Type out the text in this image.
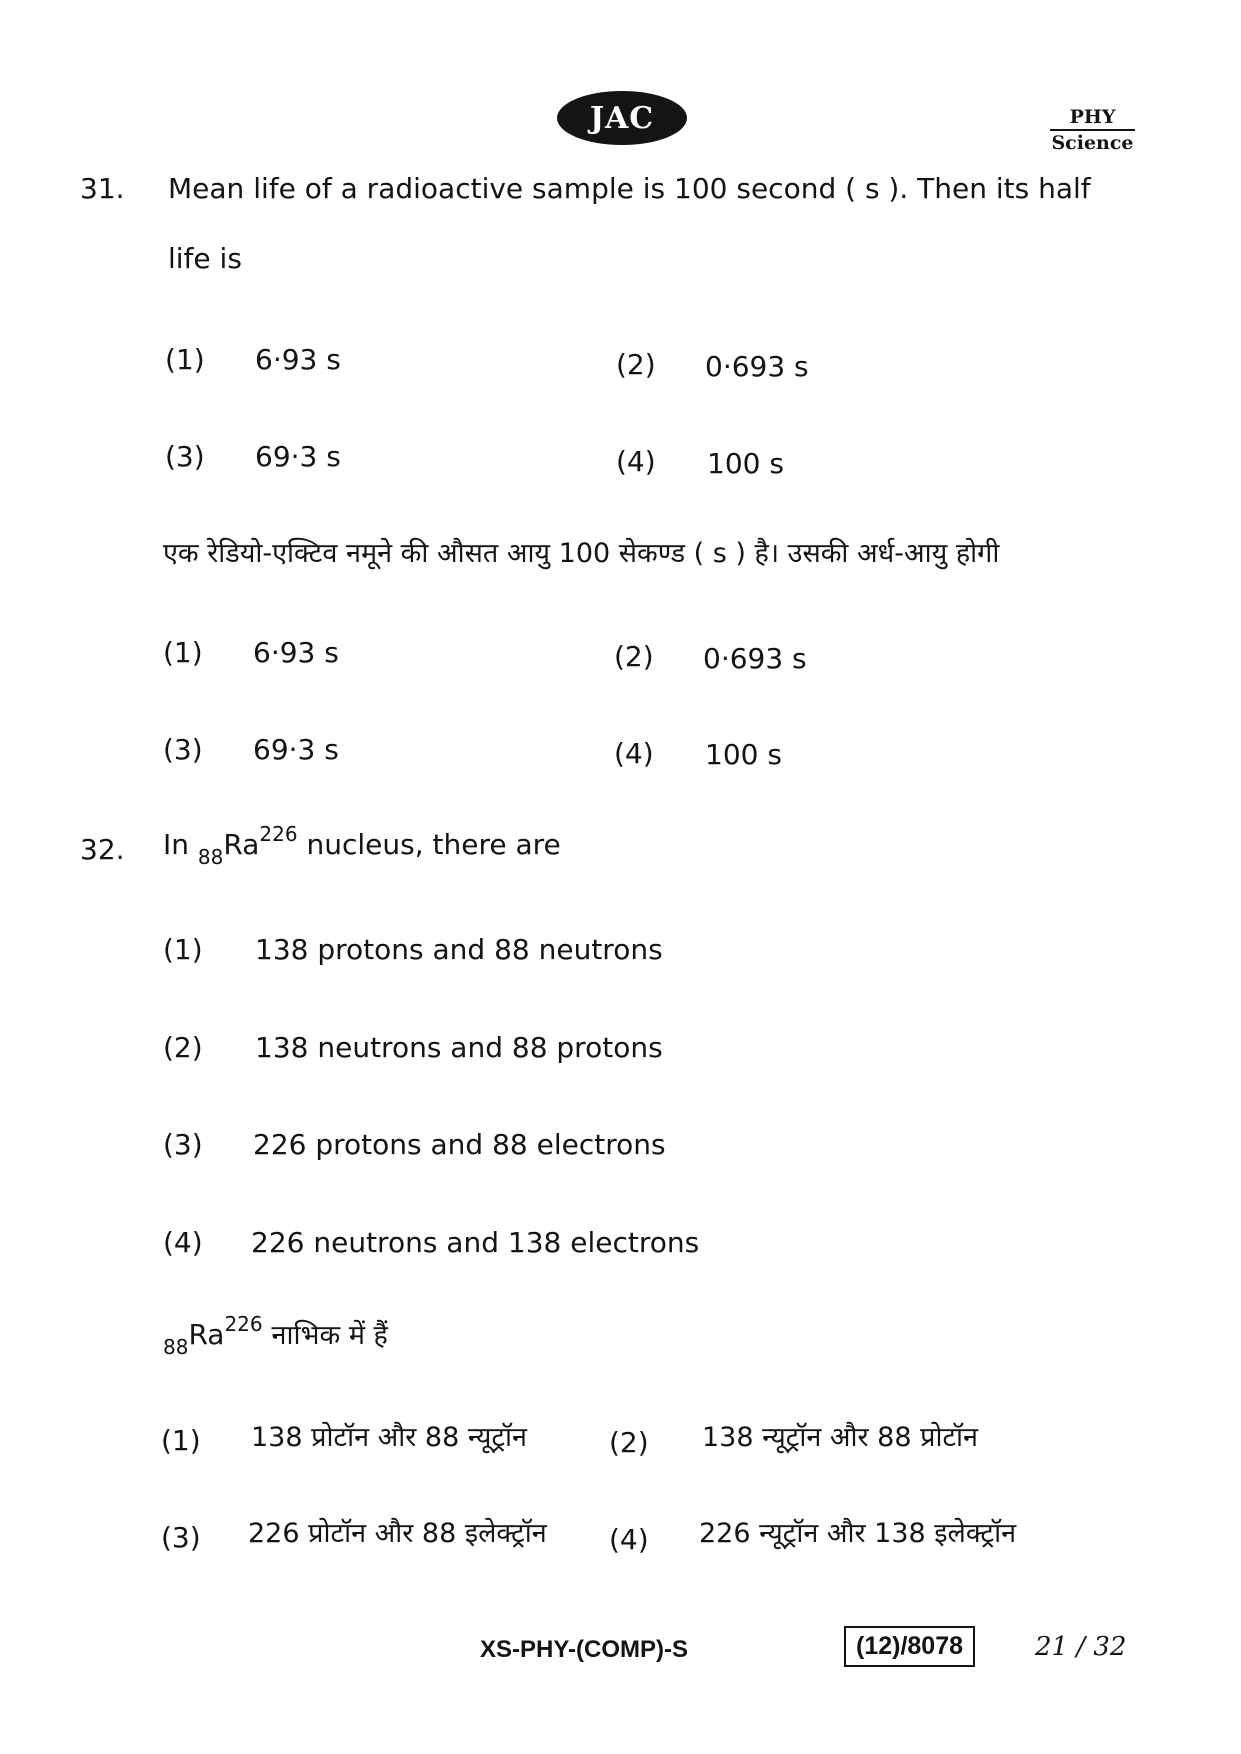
JAC	PHY
Science
31. Mean life of a radioactive sample is 100 second ( s ). Then its half
life is
(1) 6·93 s	(2) 0·693 s
(3) 69·3 s	(4) 100 s
एक रेडियो-एक्टिव नमूने की औसत आयु 100 सेकण्ड ( s ) है। उसकी अर्ध-आयु होगी
(1) 6·93 s	(2) 0·693 s
(3) 69·3 s	(4) 100 s
32. In $_{88}Ra^{226}$ nucleus, there are
(1) 138 protons and 88 neutrons
(2) 138 neutrons and 88 protons
(3) 226 protons and 88 electrons
(4) 226 neutrons and 138 electrons
$_{88}Ra^{226}$ नाभिक में हैं
(1) 138 प्रोटॉन और 88 न्यूट्रॉन	(2) 138 न्यूट्रॉन और 88 प्रोटॉन
(3) 226 प्रोटॉन और 88 इलेक्ट्रॉन (4) 226 न्यूट्रॉन और 138 इलेक्ट्रॉन
XS-PHY-(COMP)-S	(12)/8078	21 / 32
